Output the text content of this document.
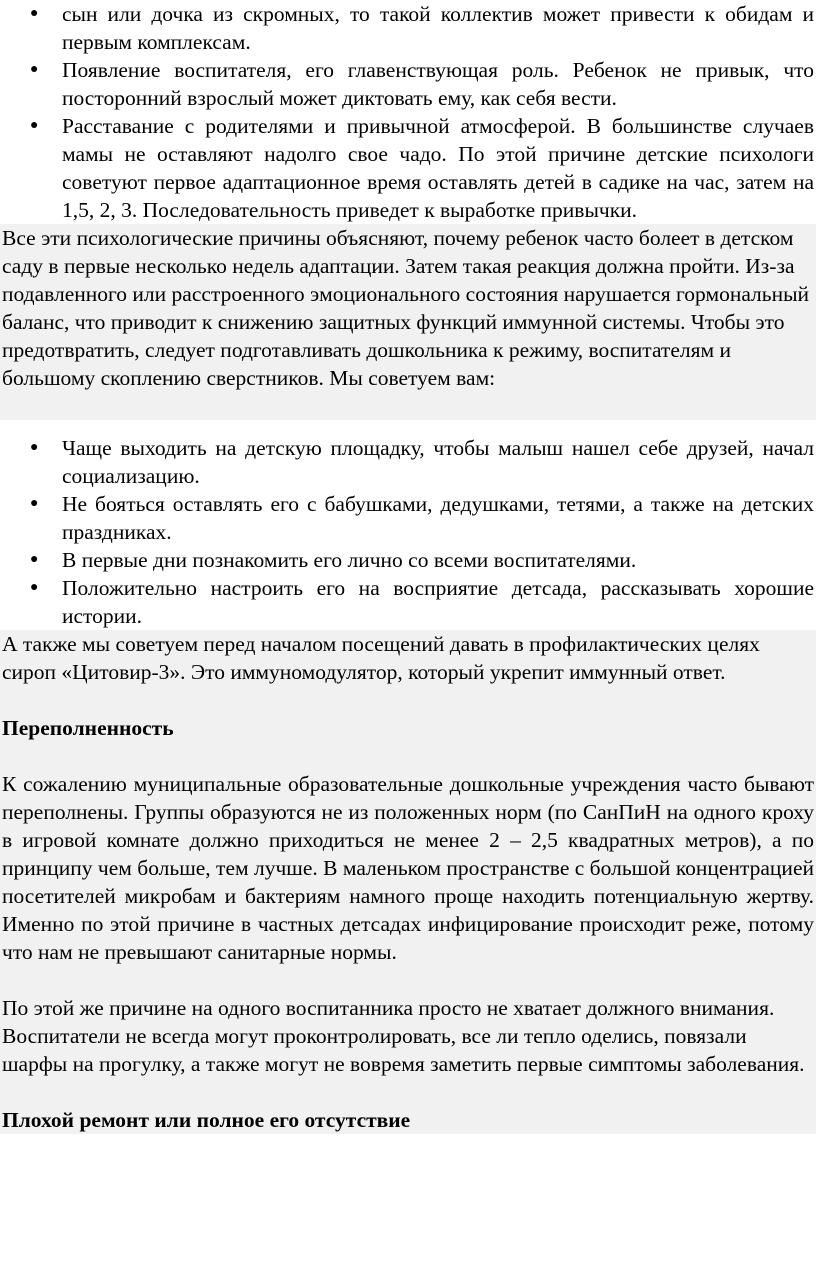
● сын или дочка из скромных, то такой коллектив может привести к обидам и первым комплексам.
● Появление воспитателя, его главенствующая роль. Ребенок не привык, что посторонний взрослый может диктовать ему, как себя вести.
● Расставание с родителями и привычной атмосферой. В большинстве случаев мамы не оставляют надолго свое чадо. По этой причине детские психологи советуют первое адаптационное время оставлять детей в садике на час, затем на 1,5, 2, 3. Последовательность приведет к выработке привычки.
Все эти психологические причины объясняют, почему ребенок часто болеет в детском саду в первые несколько недель адаптации. Затем такая реакция должна пройти. Из-за подавленного или расстроенного эмоционального состояния нарушается гормональный баланс, что приводит к снижению защитных функций иммунной системы. Чтобы это предотвратить, следует подготавливать дошкольника к режиму, воспитателям и большому скоплению сверстников. Мы советуем вам:
● Чаще выходить на детскую площадку, чтобы малыш нашел себе друзей, начал социализацию.
● Не бояться оставлять его с бабушками, дедушками, тетями, а также на детских праздниках.
● В первые дни познакомить его лично со всеми воспитателями.
● Положительно настроить его на восприятие детсада, рассказывать хорошие истории.

А также мы советуем перед началом посещений давать в профилактических целях сироп «Цитовир-3». Это иммуномодулятор, который укрепит иммунный ответ.

Переполненность

К сожалению муниципальные образовательные дошкольные учреждения часто бывают переполнены. Группы образуются не из положенных норм (по СанПиН на одного кроху в игровой комнате должно приходиться не менее 2 – 2,5 квадратных метров), а по принципу чем больше, тем лучше. В маленьком пространстве с большой концентрацией посетителей микробам и бактериям намного проще находить потенциальную жертву. Именно по этой причине в частных детсадах инфицирование происходит реже, потому что нам не превышают санитарные нормы.

По этой же причине на одного воспитанника просто не хватает должного внимания. Воспитатели не всегда могут проконтролировать, все ли тепло оделись, повязали шарфы на прогулку, а также могут не вовремя заметить первые симптомы заболевания.

Плохой ремонт или полное его отсутствие
